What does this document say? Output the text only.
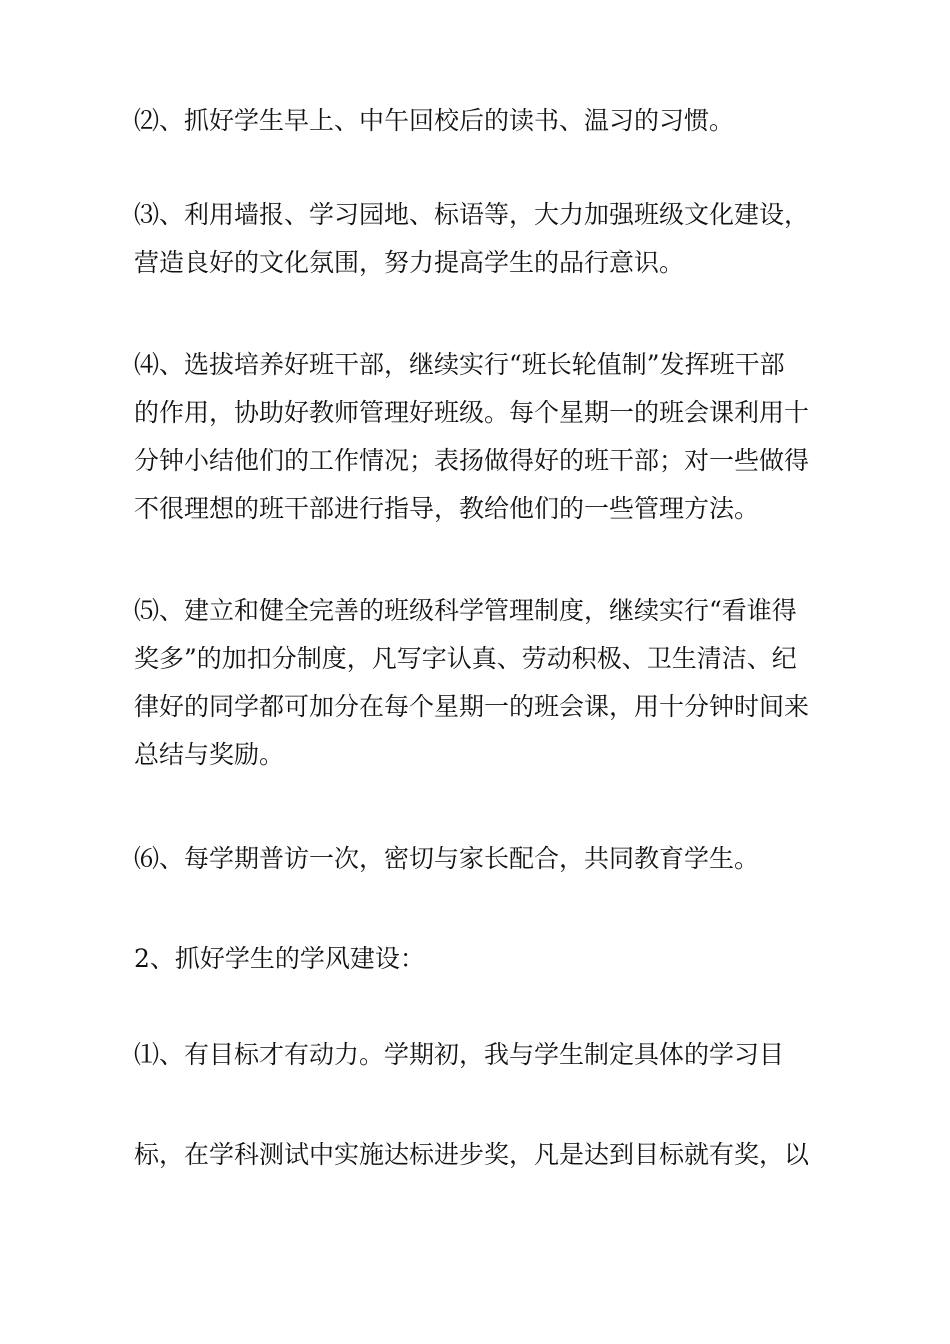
⑵、抓好学生早上、中午回校后的读书、温习的习惯。

⑶、利用墙报、学习园地、标语等，大力加强班级文化建设，
营造良好的文化氛围，努力提高学生的品行意识。

⑷、选拔培养好班干部，继续实行“班长轮值制”发挥班干部
的作用，协助好教师管理好班级。每个星期一的班会课利用十
分钟小结他们的工作情况；表扬做得好的班干部；对一些做得
不很理想的班干部进行指导，教给他们的一些管理方法。

⑸、建立和健全完善的班级科学管理制度，继续实行“看谁得
奖多”的加扣分制度，凡写字认真、劳动积极、卫生清洁、纪
律好的同学都可加分在每个星期一的班会课，用十分钟时间来
总结与奖励。

⑹、每学期普访一次，密切与家长配合，共同教育学生。

2、抓好学生的学风建设：

⑴、有目标才有动力。学期初，我与学生制定具体的学习目

标，在学科测试中实施达标进步奖，凡是达到目标就有奖，以
